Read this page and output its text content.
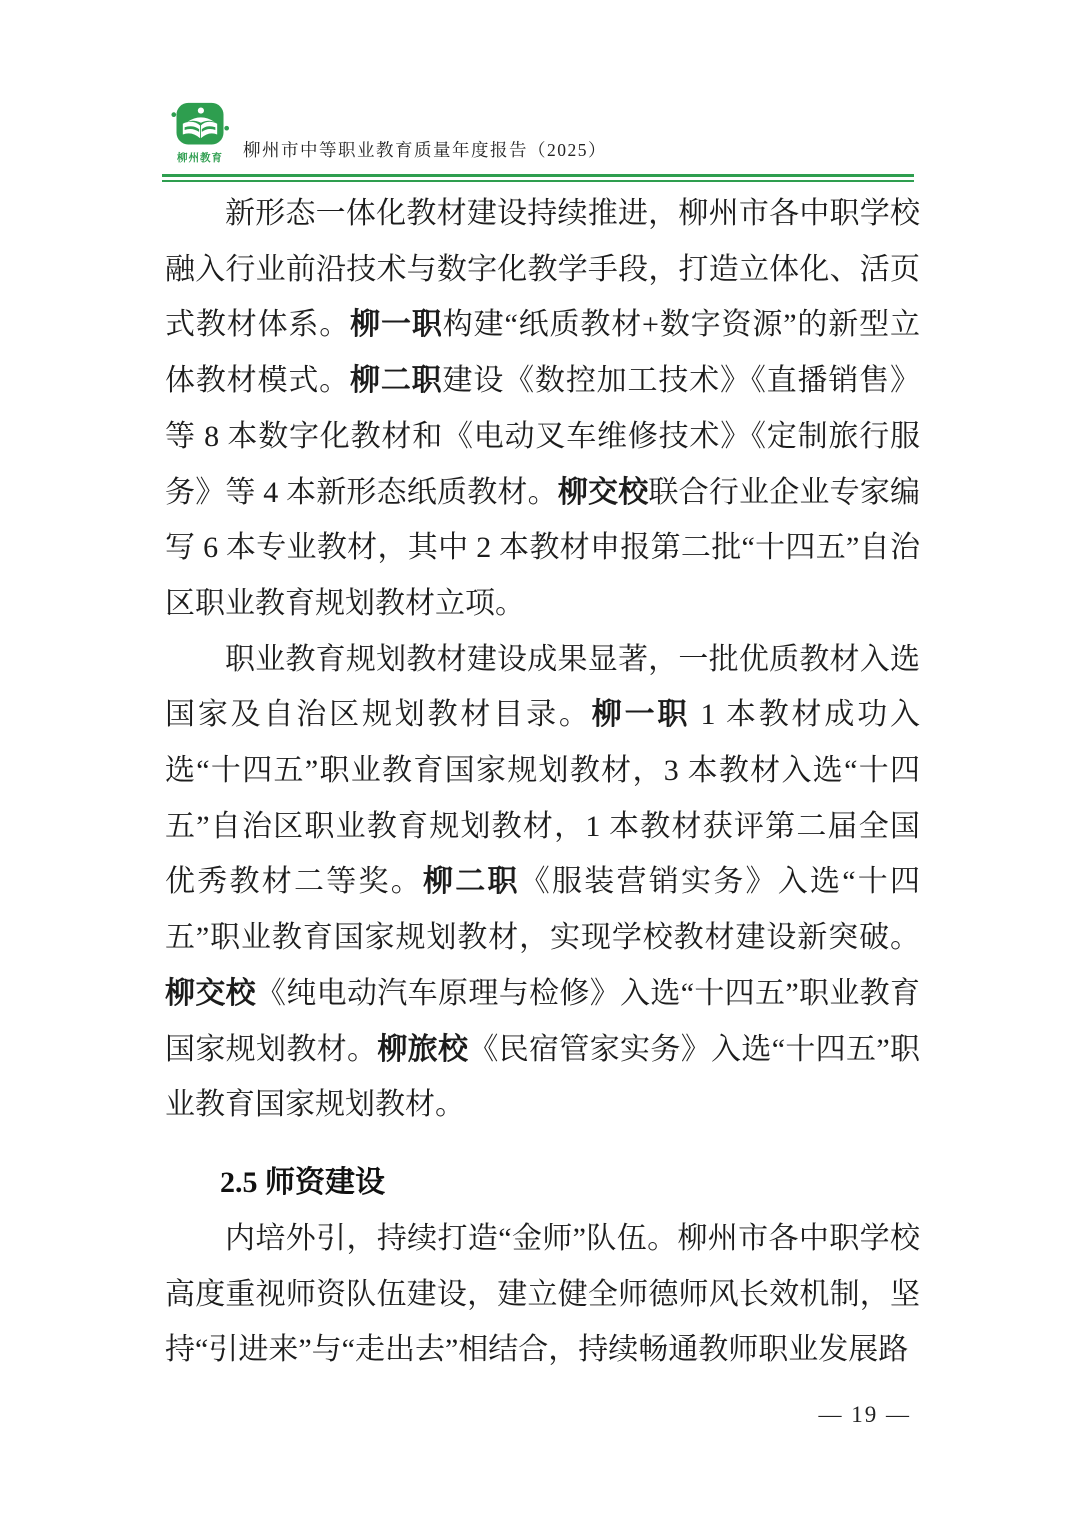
柳州教育	柳州市中等职业教育质量年度报告（2025）

新形态一体化教材建设持续推进，柳州市各中职学校融入行业前沿技术与数字化教学手段，打造立体化、活页式教材体系。柳一职构建“纸质教材+数字资源”的新型立体教材模式。柳二职建设《数控加工技术》《直播销售》等 8 本数字化教材和《电动叉车维修技术》《定制旅行服务》等 4 本新形态纸质教材。柳交校联合行业企业专家编写 6 本专业教材，其中 2 本教材申报第二批“十四五”自治区职业教育规划教材立项。

职业教育规划教材建设成果显著，一批优质教材入选国家及自治区规划教材目录。柳一职 1 本教材成功入选“十四五”职业教育国家规划教材，3 本教材入选“十四五”自治区职业教育规划教材，1 本教材获评第二届全国优秀教材二等奖。柳二职《服装营销实务》入选“十四五”职业教育国家规划教材，实现学校教材建设新突破。柳交校《纯电动汽车原理与检修》入选“十四五”职业教育国家规划教材。柳旅校《民宿管家实务》入选“十四五”职业教育国家规划教材。

2.5 师资建设

内培外引，持续打造“金师”队伍。柳州市各中职学校高度重视师资队伍建设，建立健全师德师风长效机制，坚持“引进来”与“走出去”相结合，持续畅通教师职业发展路

— 19 —
